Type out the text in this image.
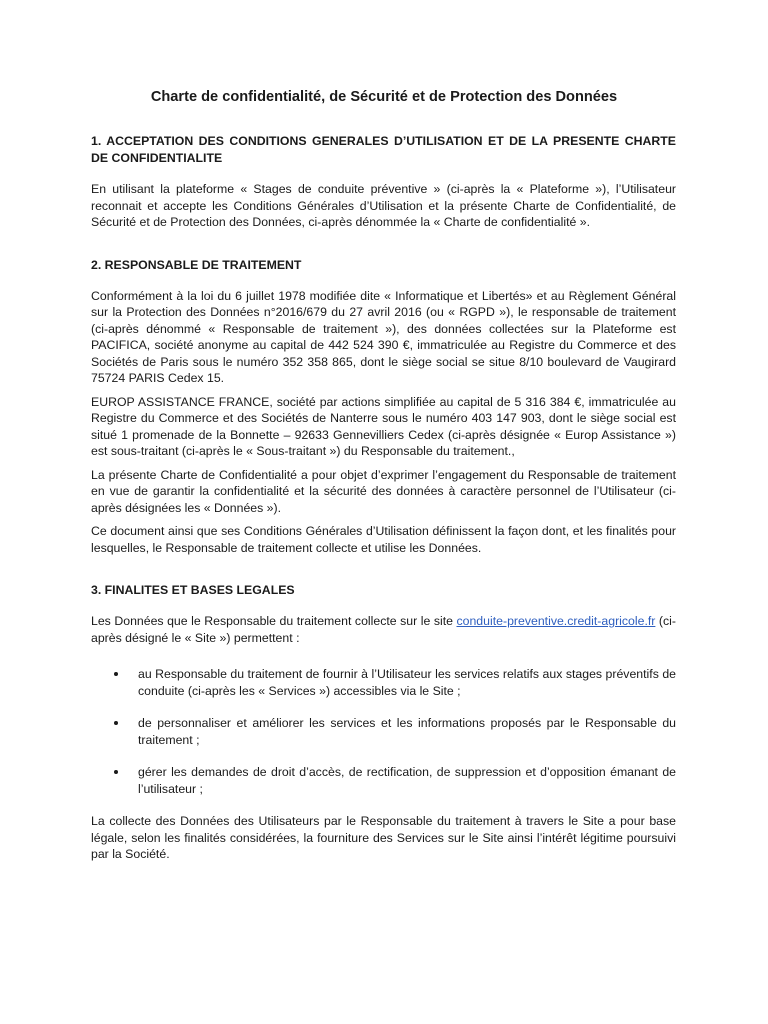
Charte de confidentialité, de Sécurité et de Protection des Données
1. ACCEPTATION DES CONDITIONS GENERALES D’UTILISATION ET DE LA PRESENTE CHARTE DE CONFIDENTIALITE

En utilisant la plateforme « Stages de conduite préventive » (ci-après la « Plateforme »), l’Utilisateur reconnait et accepte les Conditions Générales d’Utilisation et la présente Charte de Confidentialité, de Sécurité et de Protection des Données, ci-après dénommée la « Charte de confidentialité ».

2. RESPONSABLE DE TRAITEMENT

Conformément à la loi du 6 juillet 1978 modifiée dite « Informatique et Libertés» et au Règlement Général sur la Protection des Données n°2016/679 du 27 avril 2016 (ou « RGPD »), le responsable de traitement (ci-après dénommé « Responsable de traitement »), des données collectées sur la Plateforme est PACIFICA, société anonyme au capital de 442 524 390 €, immatriculée au Registre du Commerce et des Sociétés de Paris sous le numéro 352 358 865, dont le siège social se situe 8/10 boulevard de Vaugirard 75724 PARIS Cedex 15.

EUROP ASSISTANCE FRANCE, société par actions simplifiée au capital de 5 316 384 €, immatriculée au Registre du Commerce et des Sociétés de Nanterre sous le numéro 403 147 903, dont le siège social est situé 1 promenade de la Bonnette – 92633 Gennevilliers Cedex (ci-après désignée « Europ Assistance ») est sous-traitant (ci-après le « Sous-traitant ») du Responsable du traitement.,

La présente Charte de Confidentialité a pour objet d’exprimer l’engagement du Responsable de traitement en vue de garantir la confidentialité et la sécurité des données à caractère personnel de l’Utilisateur (ci-après désignées les « Données »).

Ce document ainsi que ses Conditions Générales d’Utilisation définissent la façon dont, et les finalités pour lesquelles, le Responsable de traitement collecte et utilise les Données.

3. FINALITES ET BASES LEGALES

Les Données que le Responsable du traitement collecte sur le site conduite-preventive.credit-agricole.fr (ci-après désigné le « Site ») permettent :

au Responsable du traitement de fournir à l’Utilisateur les services relatifs aux stages préventifs de conduite (ci-après les « Services ») accessibles via le Site ;
de personnaliser et améliorer les services et les informations proposés par le Responsable du traitement ;
gérer les demandes de droit d’accès, de rectification, de suppression et d’opposition émanant de l’utilisateur ;

La collecte des Données des Utilisateurs par le Responsable du traitement à travers le Site a pour base légale, selon les finalités considérées, la fourniture des Services sur le Site ainsi l’intérêt légitime poursuivi par la Société.
